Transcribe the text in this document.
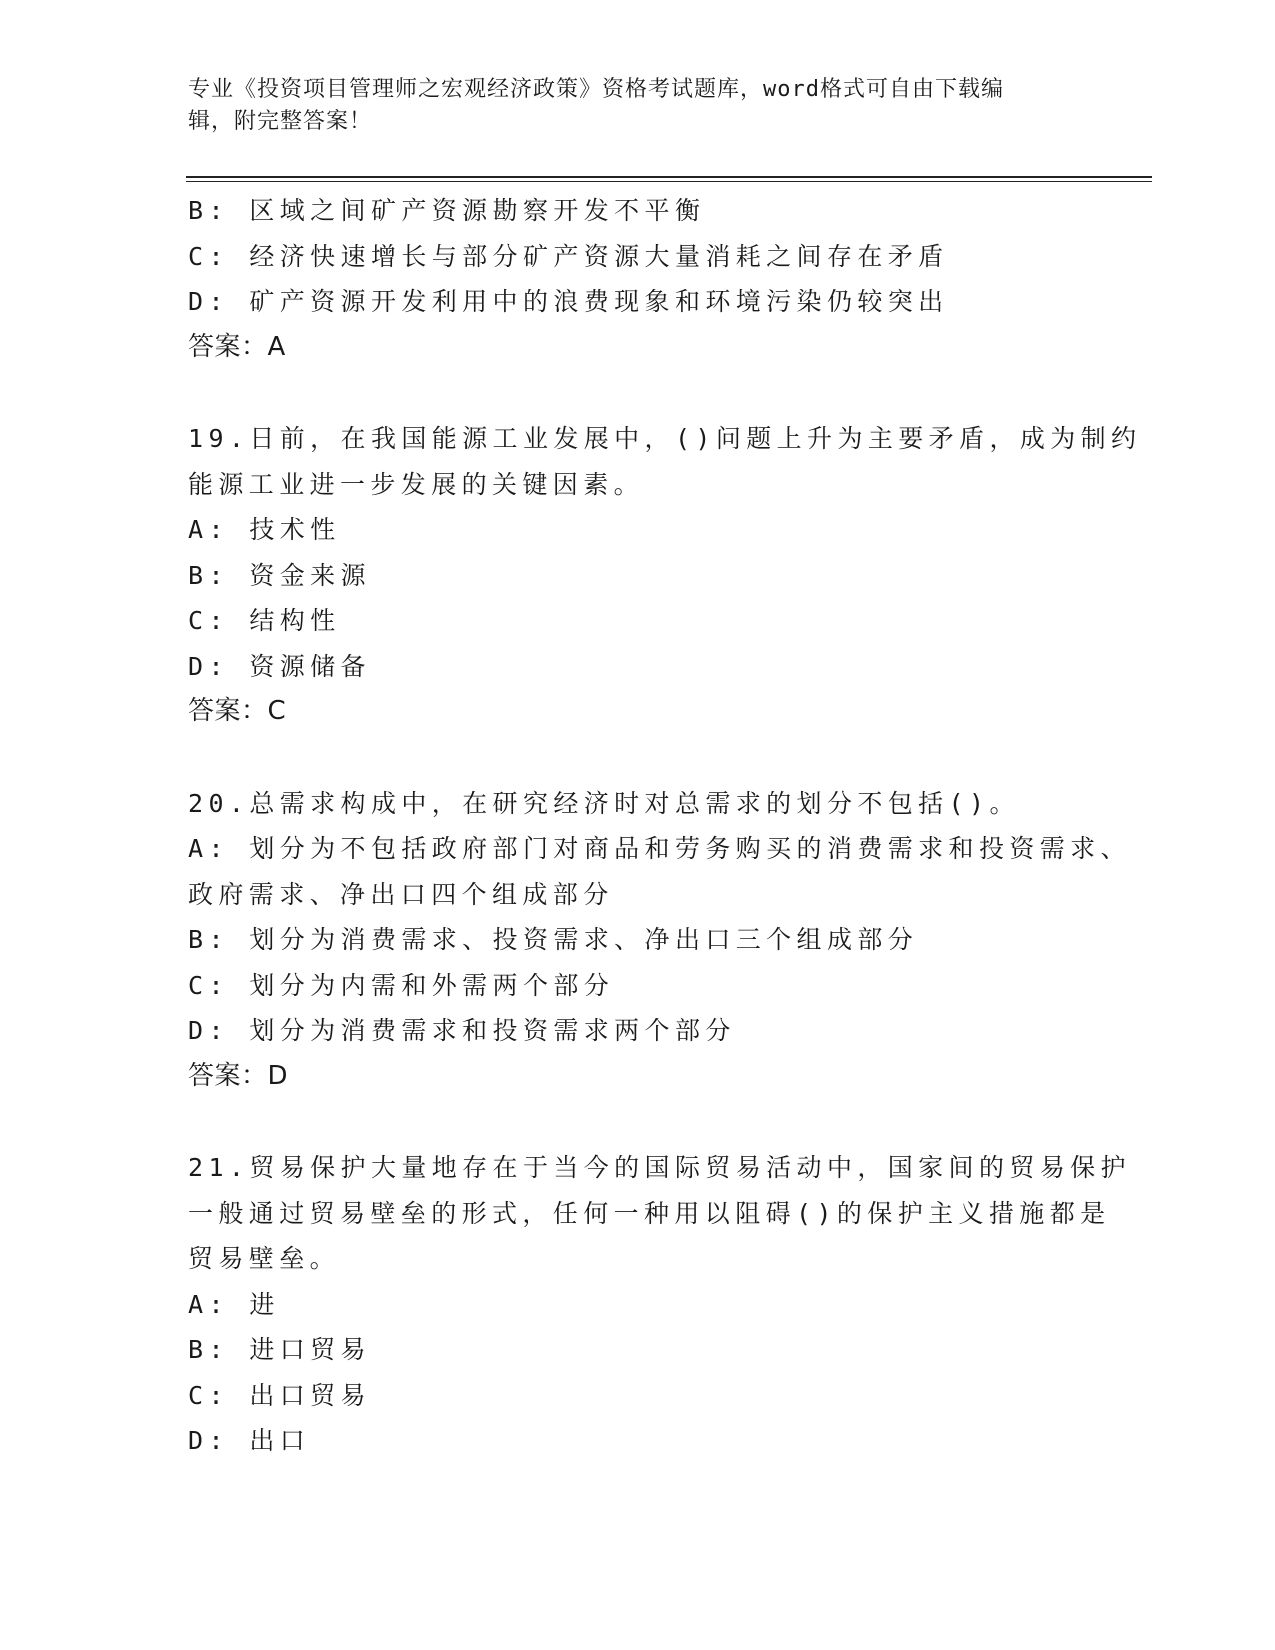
专业《投资项目管理师之宏观经济政策》资格考试题库，word格式可自由下载编
辑，附完整答案！
B: 区域之间矿产资源勘察开发不平衡
C: 经济快速增长与部分矿产资源大量消耗之间存在矛盾
D: 矿产资源开发利用中的浪费现象和环境污染仍较突出
答案：A
19.日前，在我国能源工业发展中，()问题上升为主要矛盾，成为制约
能源工业进一步发展的关键因素。
A: 技术性
B: 资金来源
C: 结构性
D: 资源储备
答案：C
20.总需求构成中，在研究经济时对总需求的划分不包括()。
A: 划分为不包括政府部门对商品和劳务购买的消费需求和投资需求、
政府需求、净出口四个组成部分
B: 划分为消费需求、投资需求、净出口三个组成部分
C: 划分为内需和外需两个部分
D: 划分为消费需求和投资需求两个部分
答案：D
21.贸易保护大量地存在于当今的国际贸易活动中，国家间的贸易保护
一般通过贸易壁垒的形式，任何一种用以阻碍()的保护主义措施都是
贸易壁垒。
A: 进
B: 进口贸易
C: 出口贸易
D: 出口
